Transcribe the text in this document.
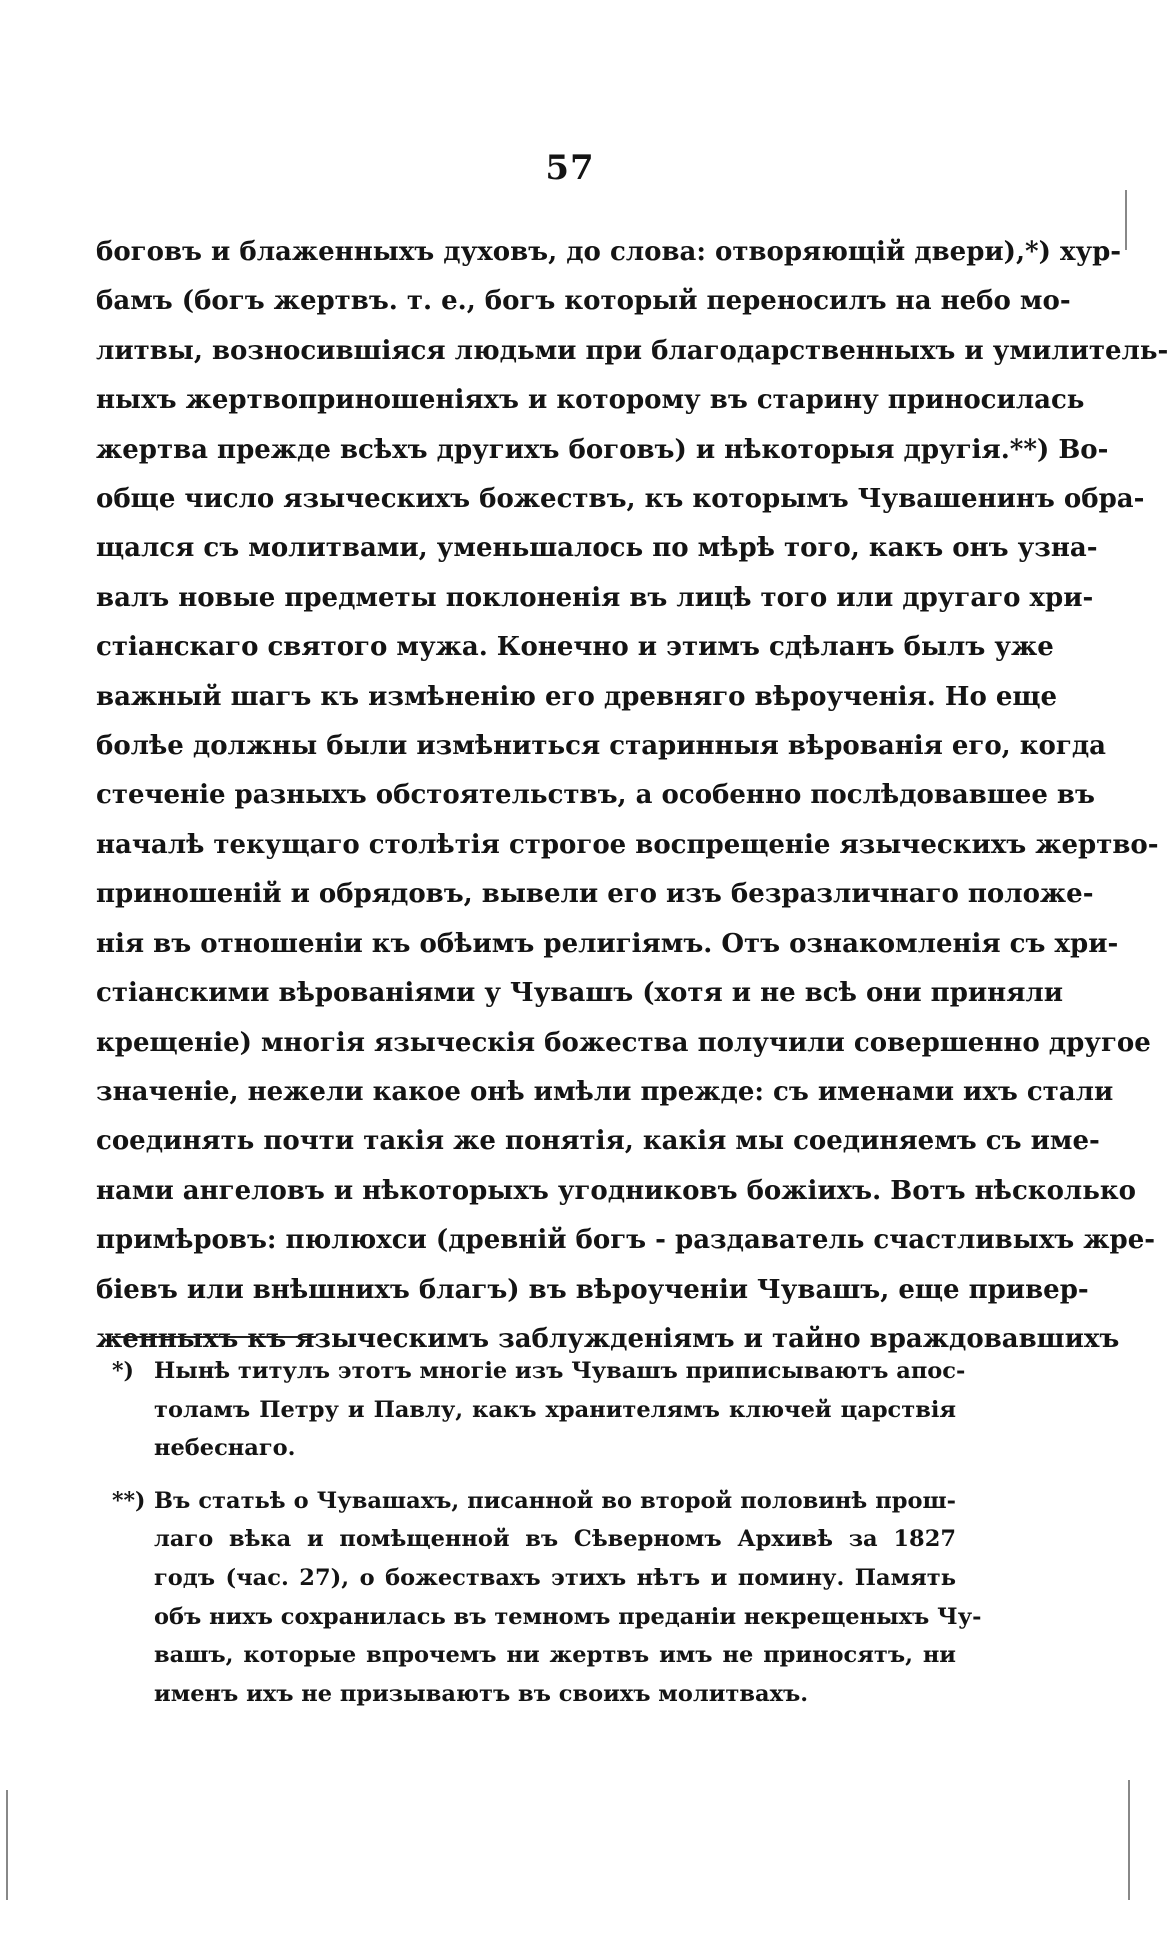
57
боговъ и блаженныхъ духовъ, до слова: отворяющій двери),*) хур-
бамъ (богъ жертвъ. т. е., богъ который переносилъ на небо мо-
литвы, возносившіяся людьми при благодарственныхъ и умилитель-
ныхъ жертвоприношеніяхъ и которому въ старину приносилась
жертва прежде всѣхъ другихъ боговъ) и нѣкоторыя другія.**) Во-
обще число языческихъ божествъ, къ которымъ Чувашенинъ обра-
щался съ молитвами, уменьшалось по мѣрѣ того, какъ онъ узна-
валъ новые предметы поклоненія въ лицѣ того или другаго хри-
стіанскаго святого мужа. Конечно и этимъ сдѣланъ былъ уже
важный шагъ къ измѣненію его древняго вѣроученія. Но еще
болѣе должны были измѣниться старинныя вѣрованія его, когда
стеченіе разныхъ обстоятельствъ, а особенно послѣдовавшее въ
началѣ текущаго столѣтія строгое воспрещеніе языческихъ жертво-
приношеній и обрядовъ, вывели его изъ безразличнаго положе-
нія въ отношеніи къ обѣимъ религіямъ. Отъ ознакомленія съ хри-
стіанскими вѣрованіями у Чувашъ (хотя и не всѣ они приняли
крещеніе) многія языческія божества получили совершенно другое
значеніе, нежели какое онѣ имѣли прежде: съ именами ихъ стали
соединять почти такія же понятія, какія мы соединяемъ съ име-
нами ангеловъ и нѣкоторыхъ угодниковъ божіихъ. Вотъ нѣсколько
примѣровъ: пюлюхси (древній богъ - раздаватель счастливыхъ жре-
біевъ или внѣшнихъ благъ) въ вѣроученіи Чувашъ, еще привер-
женныхъ къ языческимъ заблужденіямъ и тайно враждовавшихъ
*) Нынѣ титулъ этотъ многіе изъ Чувашъ приписываютъ апос-
толамъ Петру и Павлу, какъ хранителямъ ключей царствія
небеснаго.
**) Въ статьѣ о Чувашахъ, писанной во второй половинѣ прош-
лаго вѣка и помѣщенной въ Сѣверномъ Архивѣ за 1827
годъ (час. 27), о божествахъ этихъ нѣтъ и помину. Память
объ нихъ сохранилась въ темномъ преданіи некрещеныхъ Чу-
вашъ, которые впрочемъ ни жертвъ имъ не приносятъ, ни
именъ ихъ не призываютъ въ своихъ молитвахъ.
